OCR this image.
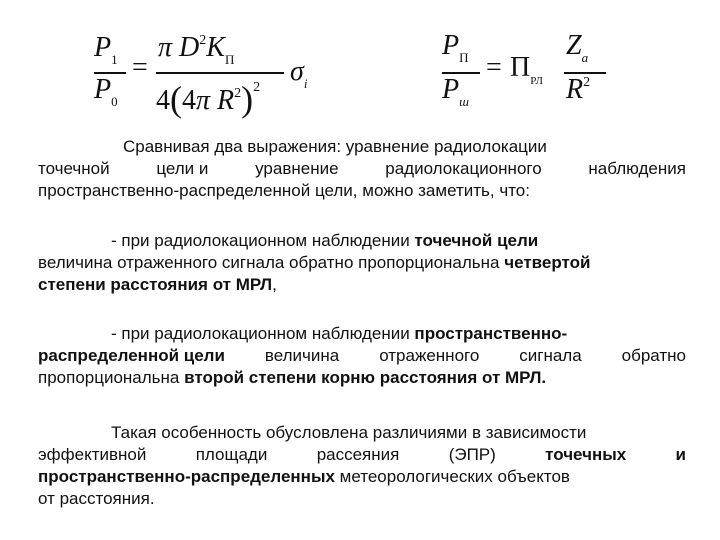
$P_1$
$P_0$
=
π $D^2K_П$
4(4π $R^2)^2$
$\sigma_i$
$P_П$
$P_ш$
= $\Pi_{РЛ}$
$Z_a$
$R^2$
Сравнивая два выражения: уравнение радиолокации
точечной	цели и	уравнение	радиолокационного	наблюдения
пространственно-распределенной цели, можно заметить, что:
- при радиолокационном наблюдении точечной цели
величина отраженного сигнала обратно пропорциональна четвертой
степени расстояния от МРЛ,
- при радиолокационном наблюдении пространственно-
распределенной цели величина отраженного сигнала обратно
пропорциональна второй степени корню расстояния от МРЛ.
Такая особенность обусловлена различиями в зависимости
эффективной	площади	рассеяния	(ЭПР)	точечных	и
пространственно-распределенных метеорологических объектов
от расстояния.
